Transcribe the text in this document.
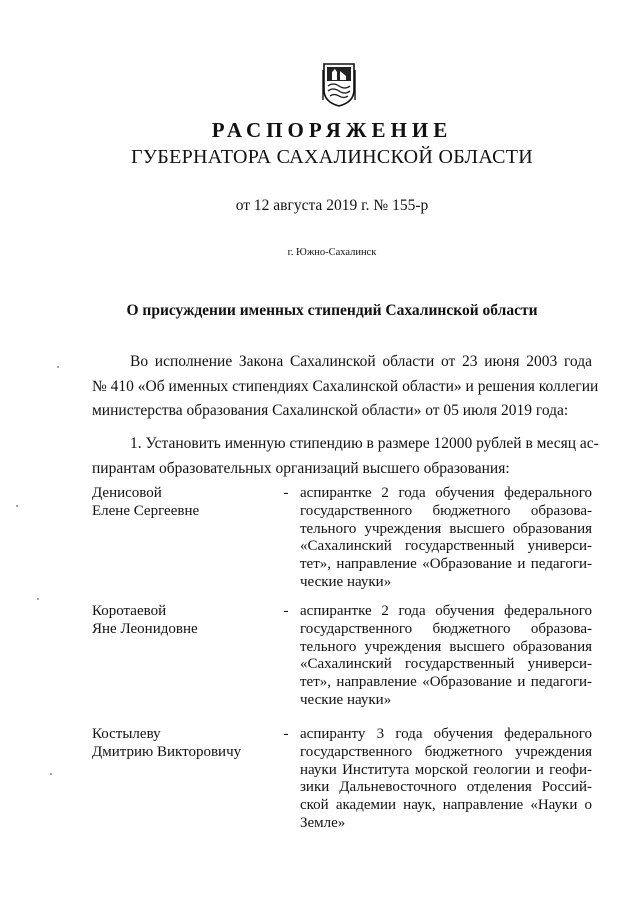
РАСПОРЯЖЕНИЕ
ГУБЕРНАТОРА САХАЛИНСКОЙ ОБЛАСТИ
от 12 августа 2019 г. № 155-р
г. Южно-Сахалинск
О присуждении именных стипендий Сахалинской области
Во исполнение Закона Сахалинской области от 23 июня 2003 года
№ 410 «Об именных стипендиях Сахалинской области» и решения коллегии
министерства образования Сахалинской области» от 05 июля 2019 года:
1. Установить именную стипендию в размере 12000 рублей в месяц ас-
пирантам образовательных организаций высшего образования:
Денисовой
Елене Сергеевне
- аспирантке 2 года обучения федерального
государственного бюджетного образова-
тельного учреждения высшего образования
«Сахалинский государственный универси-
тет», направление «Образование и педагоги-
ческие науки»
Коротаевой
Яне Леонидовне
- аспирантке 2 года обучения федерального
государственного бюджетного образова-
тельного учреждения высшего образования
«Сахалинский государственный универси-
тет», направление «Образование и педагоги-
ческие науки»
Костылеву
Дмитрию Викторовичу
- аспиранту 3 года обучения федерального
государственного бюджетного учреждения
науки Института морской геологии и геофи-
зики Дальневосточного отделения Россий-
ской академии наук, направление «Науки о
Земле»
